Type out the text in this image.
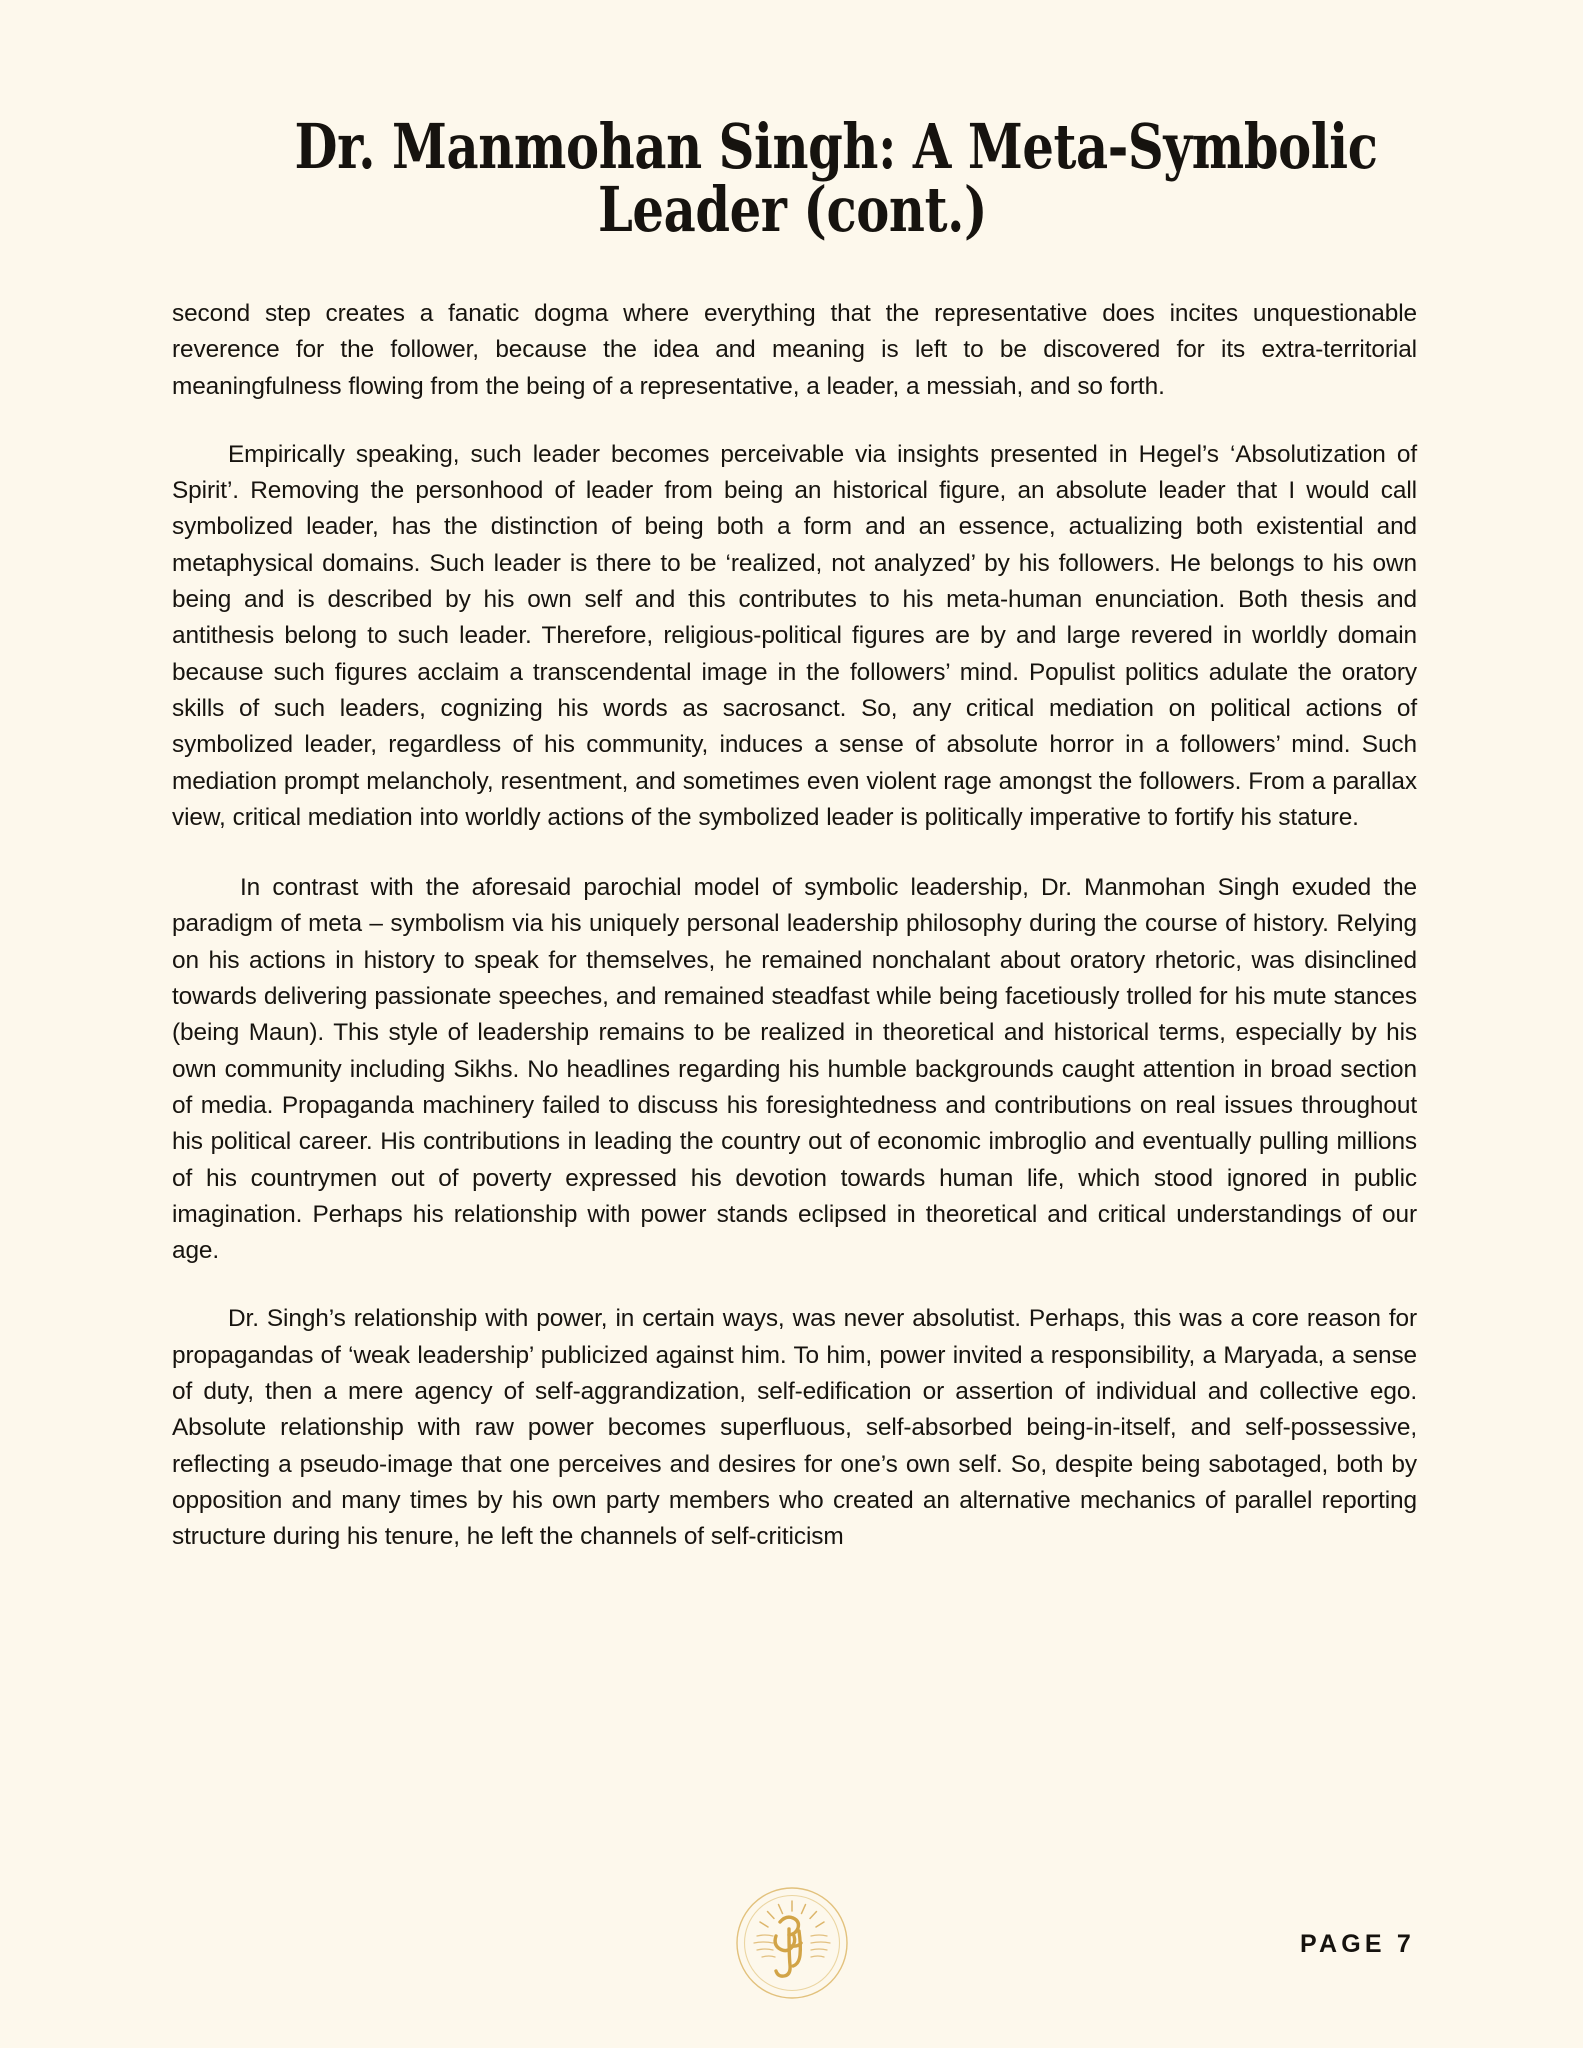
Dr. Manmohan Singh: A Meta-Symbolic
Leader (cont.)

second step creates a fanatic dogma where everything that the representative does incites unquestionable reverence for the follower, because the idea and meaning is left to be discovered for its extra-territorial meaningfulness flowing from the being of a representative, a leader, a messiah, and so forth.

Empirically speaking, such leader becomes perceivable via insights presented in Hegel’s ‘Absolutization of Spirit’. Removing the personhood of leader from being an historical figure, an absolute leader that I would call symbolized leader, has the distinction of being both a form and an essence, actualizing both existential and metaphysical domains. Such leader is there to be ‘realized, not analyzed’ by his followers. He belongs to his own being and is described by his own self and this contributes to his meta-human enunciation. Both thesis and antithesis belong to such leader. Therefore, religious-political figures are by and large revered in worldly domain because such figures acclaim a transcendental image in the followers’ mind. Populist politics adulate the oratory skills of such leaders, cognizing his words as sacrosanct. So, any critical mediation on political actions of symbolized leader, regardless of his community, induces a sense of absolute horror in a followers’ mind. Such mediation prompt melancholy, resentment, and sometimes even violent rage amongst the followers. From a parallax view, critical mediation into worldly actions of the symbolized leader is politically imperative to fortify his stature.

In contrast with the aforesaid parochial model of symbolic leadership, Dr. Manmohan Singh exuded the paradigm of meta – symbolism via his uniquely personal leadership philosophy during the course of history. Relying on his actions in history to speak for themselves, he remained nonchalant about oratory rhetoric, was disinclined towards delivering passionate speeches, and remained steadfast while being facetiously trolled for his mute stances (being Maun). This style of leadership remains to be realized in theoretical and historical terms, especially by his own community including Sikhs. No headlines regarding his humble backgrounds caught attention in broad section of media. Propaganda machinery failed to discuss his foresightedness and contributions on real issues throughout his political career. His contributions in leading the country out of economic imbroglio and eventually pulling millions of his countrymen out of poverty expressed his devotion towards human life, which stood ignored in public imagination. Perhaps his relationship with power stands eclipsed in theoretical and critical understandings of our age.

Dr. Singh’s relationship with power, in certain ways, was never absolutist. Perhaps, this was a core reason for propagandas of ‘weak leadership’ publicized against him. To him, power invited a responsibility, a Maryada, a sense of duty, then a mere agency of self-aggrandization, self-edification or assertion of individual and collective ego. Absolute relationship with raw power becomes superfluous, self-absorbed being-in-itself, and self-possessive, reflecting a pseudo-image that one perceives and desires for one’s own self. So, despite being sabotaged, both by opposition and many times by his own party members who created an alternative mechanics of parallel reporting structure during his tenure, he left the channels of self-criticism

PAGE 7
